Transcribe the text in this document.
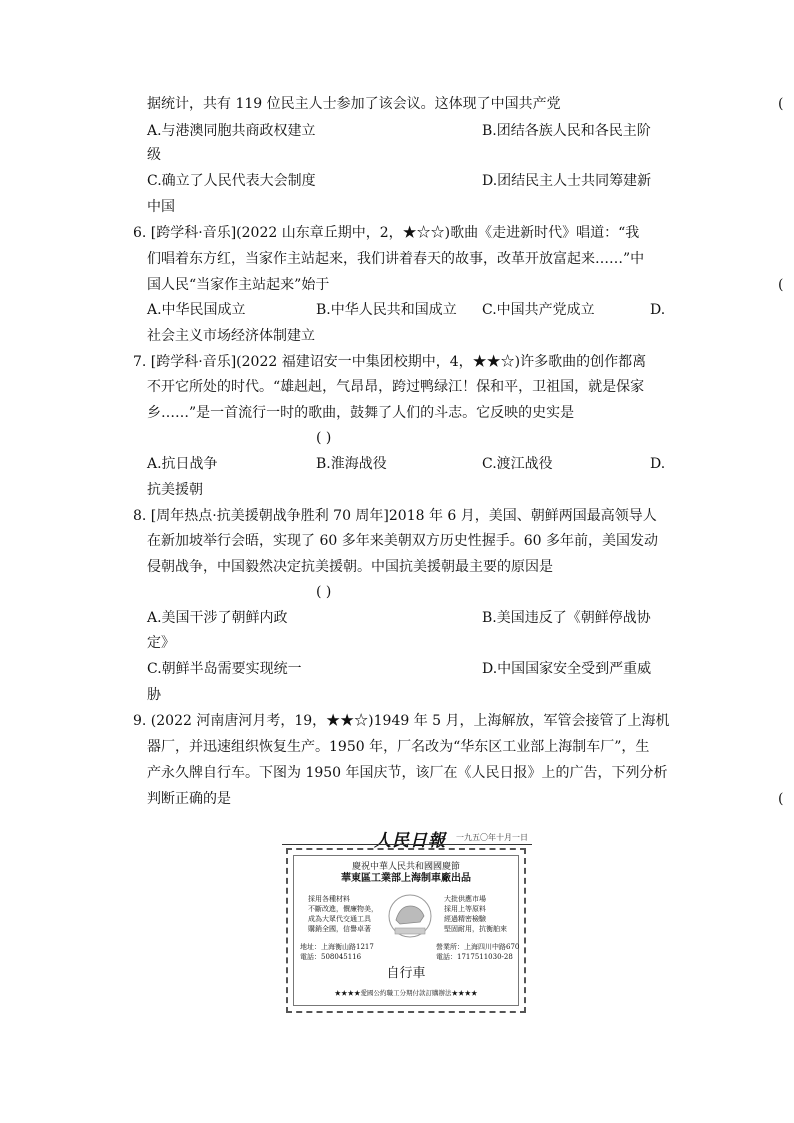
据统计，共有 119 位民主人士参加了该会议。这体现了中国共产党	(
A.与港澳同胞共商政权建立	B.团结各族人民和各民主阶
级
C.确立了人民代表大会制度	D.团结民主人士共同筹建新
中国
6. [跨学科·音乐](2022 山东章丘期中，2，★☆☆)歌曲《走进新时代》唱道：“我
们唱着东方红，当家作主站起来，我们讲着春天的故事，改革开放富起来……”中
国人民“当家作主站起来”始于	(
A.中华民国成立	B.中华人民共和国成立 C.中国共产党成立	D.
社会主义市场经济体制建立
7. [跨学科·音乐](2022 福建诏安一中集团校期中，4，★★☆)许多歌曲的创作都离
不开它所处的时代。“雄赳赳，气昂昂，跨过鸭绿江！保和平，卫祖国，就是保家
乡……”是一首流行一时的歌曲，鼓舞了人们的斗志。它反映的史实是
( )
A.抗日战争	B.淮海战役	C.渡江战役	D.
抗美援朝
8. [周年热点·抗美援朝战争胜利 70 周年]2018 年 6 月，美国、朝鲜两国最高领导人
在新加坡举行会晤，实现了 60 多年来美朝双方历史性握手。60 多年前，美国发动
侵朝战争，中国毅然决定抗美援朝。中国抗美援朝最主要的原因是
( )
A.美国干涉了朝鲜内政	B.美国违反了《朝鲜停战协
定》
C.朝鲜半岛需要实现统一	D.中国国家安全受到严重威
胁
9. (2022 河南唐河月考，19，★★☆)1949 年 5 月，上海解放，军管会接管了上海机
器厂，并迅速组织恢复生产。1950 年，厂名改为“华东区工业部上海制车厂”，生
产永久牌自行车。下图为 1950 年国庆节，该厂在《人民日报》上的广告，下列分析
判断正确的是	(
人民日報 一九五〇年十月一日
慶祝中華人民共和國國慶節
華東區工業部上海制車廠出品
採用各種材料
不斷改進，價廉物美，
成為大眾代交通工具
購銷全國，信譽卓著
大批供應市場
採用上等原料
經過精密檢驗
堅固耐用，抗衡舶來
地址：上海衡山路1217
電話：508045116
營業所：上海四川中路670
電話：1717511030-28
自行車
★★★★愛國公約職工分期付款訂購辦法★★★★
